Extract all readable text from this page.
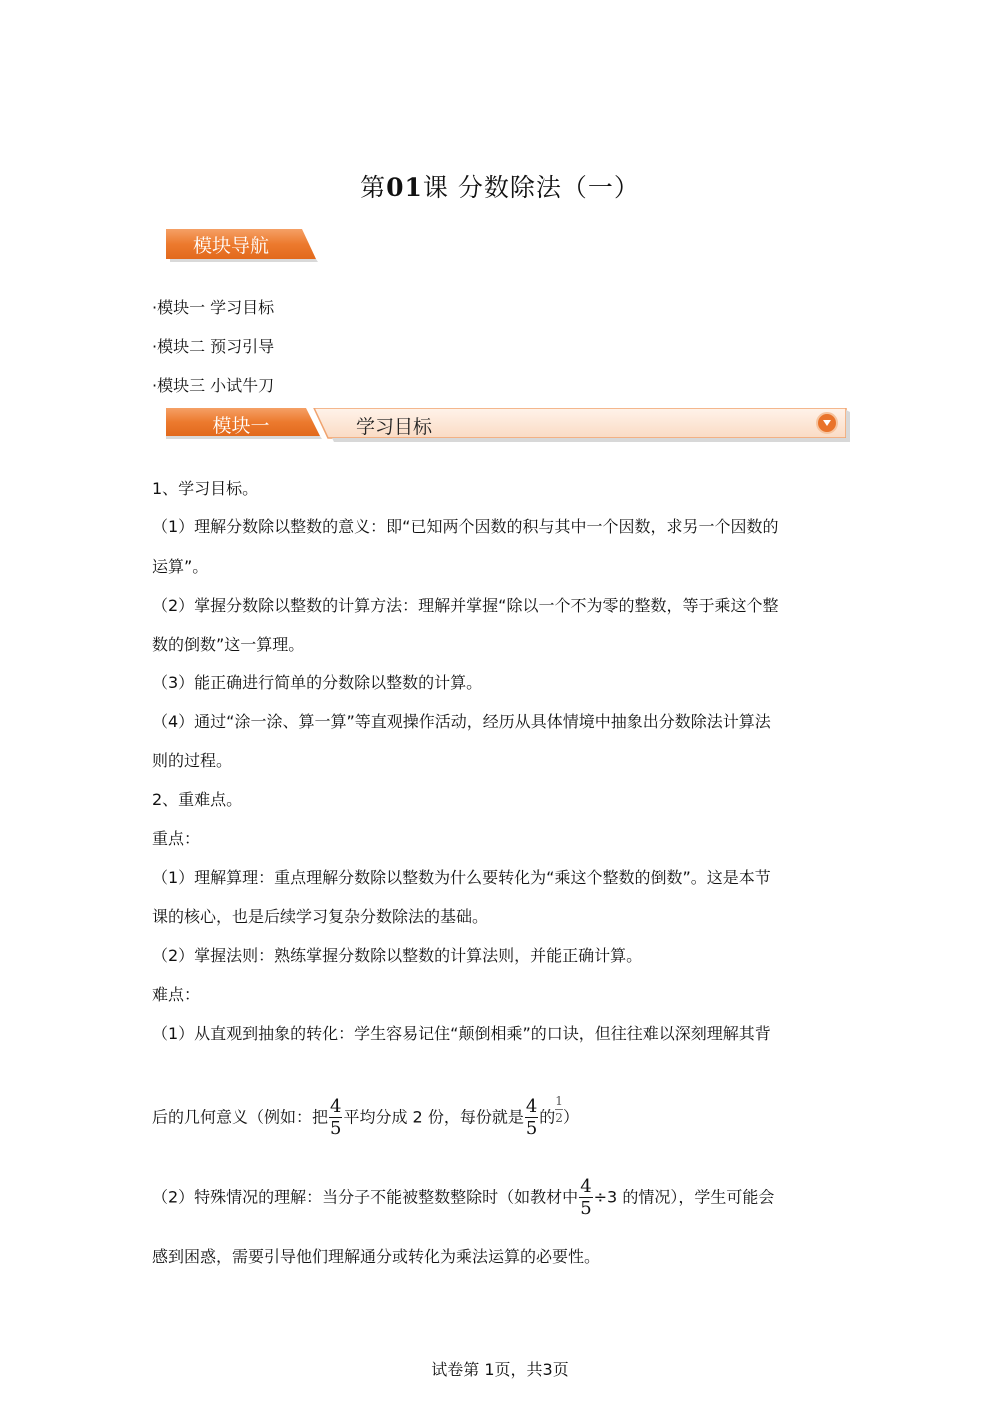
第01课 分数除法（一）
模块导航
·模块一 学习目标
·模块二 预习引导
·模块三 小试牛刀
模块一	学习目标
1、学习目标。
（1）理解分数除以整数的意义：即“已知两个因数的积与其中一个因数，求另一个因数的
运算”。
（2）掌握分数除以整数的计算方法：理解并掌握“除以一个不为零的整数，等于乘这个整
数的倒数”这一算理。
（3）能正确进行简单的分数除以整数的计算。
（4）通过“涂一涂、算一算”等直观操作活动，经历从具体情境中抽象出分数除法计算法
则的过程。
2、重难点。
重点：
（1）理解算理：重点理解分数除以整数为什么要转化为“乘这个整数的倒数”。这是本节
课的核心，也是后续学习复杂分数除法的基础。
（2）掌握法则：熟练掌握分数除以整数的计算法则，并能正确计算。
难点：
（1）从直观到抽象的转化：学生容易记住“颠倒相乘”的口诀，但往往难以深刻理解其背
后的几何意义（例如：把 $\frac{4}{5}$ 平均分成 2 份，每份就是 $\frac{4}{5}$ 的 $\frac{1}{2}$ ）
（2）特殊情况的理解：当分子不能被整数整除时（如教材中 $\frac{4}{5} \div 3$ 的情况），学生可能会
感到困惑，需要引导他们理解通分或转化为乘法运算的必要性。
试卷第 1页，共3页
